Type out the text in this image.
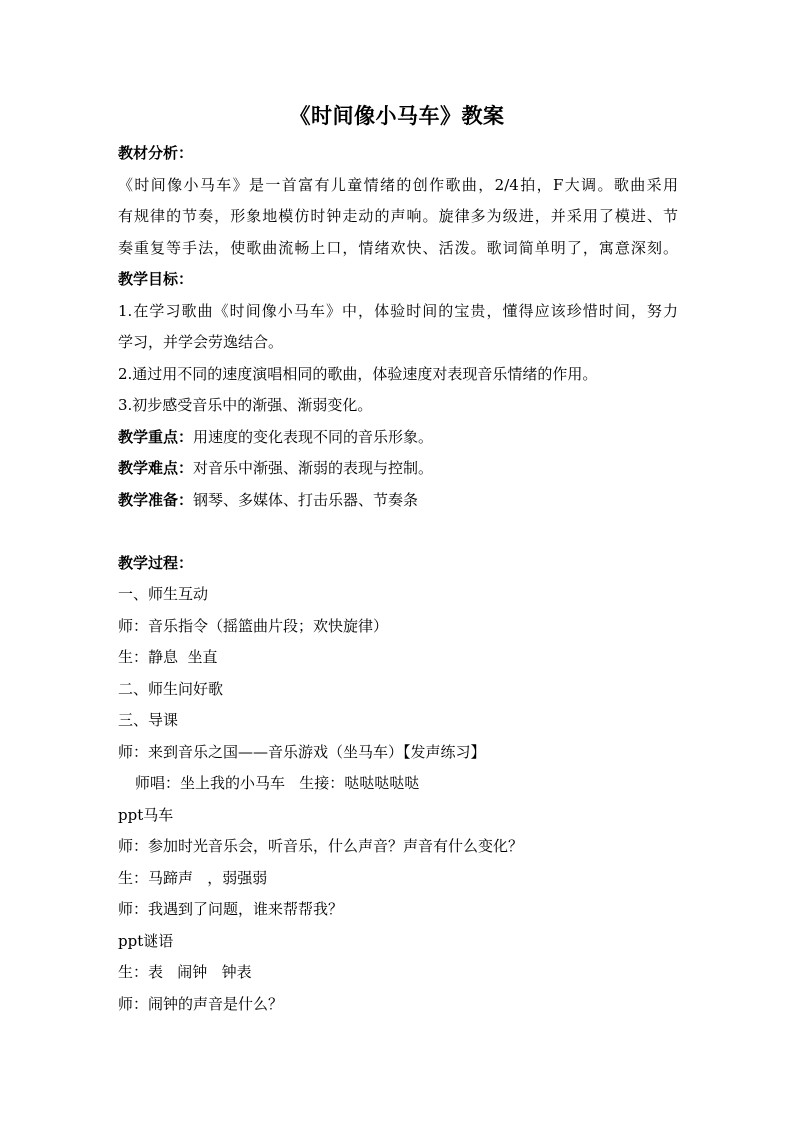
《时间像小马车》教案
教材分析：
《时间像小马车》是一首富有儿童情绪的创作歌曲，2/4拍，F大调。歌曲采用
有规律的节奏，形象地模仿时钟走动的声响。旋律多为级进，并采用了模进、节
奏重复等手法，使歌曲流畅上口，情绪欢快、活泼。歌词简单明了，寓意深刻。
教学目标：
1.在学习歌曲《时间像小马车》中，体验时间的宝贵，懂得应该珍惜时间，努力
学习，并学会劳逸结合。
2.通过用不同的速度演唱相同的歌曲，体验速度对表现音乐情绪的作用。
3.初步感受音乐中的渐强、渐弱变化。
教学重点：用速度的变化表现不同的音乐形象。
教学难点：对音乐中渐强、渐弱的表现与控制。
教学准备：钢琴、多媒体、打击乐器、节奏条
教学过程：
一、师生互动
师：音乐指令（摇篮曲片段；欢快旋律）
生：静息  坐直
二、师生问好歌
三、导课
师：来到音乐之国——音乐游戏（坐马车）【发声练习】
师唱：坐上我的小马车   生接：哒哒哒哒哒
ppt马车
师：参加时光音乐会，听音乐，什么声音？声音有什么变化？
生：马蹄声   ，弱强弱
师：我遇到了问题，谁来帮帮我？
ppt谜语
生：表   闹钟   钟表
师：闹钟的声音是什么？
